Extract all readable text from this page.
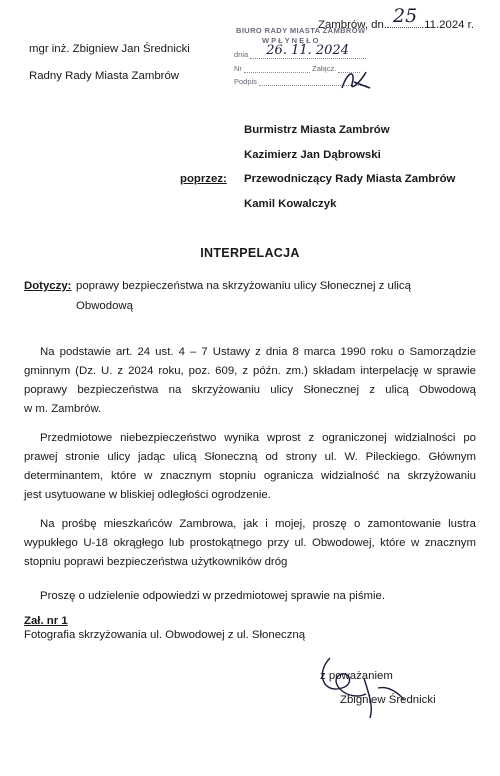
Zambrów, dn. 25 .11.2024 r.
mgr inż. Zbigniew Jan Średnicki
Radny Rady Miasta Zambrów
BIURO RADY MIASTA ZAMBRÓW
WPŁYNĘŁO
dnia 26. 11. 2024
Nr	Załącz.
Podpis
Burmistrz Miasta Zambrów
Kazimierz Jan Dąbrowski
poprzez: Przewodniczący Rady Miasta Zambrów
Kamil Kowalczyk
INTERPELACJA
Dotyczy: poprawy bezpieczeństwa na skrzyżowaniu ulicy Słonecznej z ulicą
Obwodową
Na podstawie art. 24 ust. 4 – 7 Ustawy z dnia 8 marca 1990 roku o Samorządzie
gminnym (Dz. U. z 2024 roku, poz. 609, z późn. zm.) składam interpelację w sprawie
poprawy bezpieczeństwa na skrzyżowaniu ulicy Słonecznej z ulicą Obwodową
w m. Zambrów.
Przedmiotowe niebezpieczeństwo wynika wprost z ograniczonej widzialności po
prawej stronie ulicy jadąc ulicą Słoneczną od strony ul. W. Pileckiego. Głównym
determinantem, które w znacznym stopniu ogranicza widzialność na skrzyżowaniu
jest usytuowane w bliskiej odległości ogrodzenie.
Na prośbę mieszkańców Zambrowa, jak i mojej, proszę o zamontowanie lustra
wypukłego U-18 okrągłego lub prostokątnego przy ul. Obwodowej, które w znacznym
stopniu poprawi bezpieczeństwa użytkowników dróg
Proszę o udzielenie odpowiedzi w przedmiotowej sprawie na piśmie.
Zał. nr 1
Fotografia skrzyżowania ul. Obwodowej z ul. Słoneczną
z poważaniem
Zbigniew Średnicki
